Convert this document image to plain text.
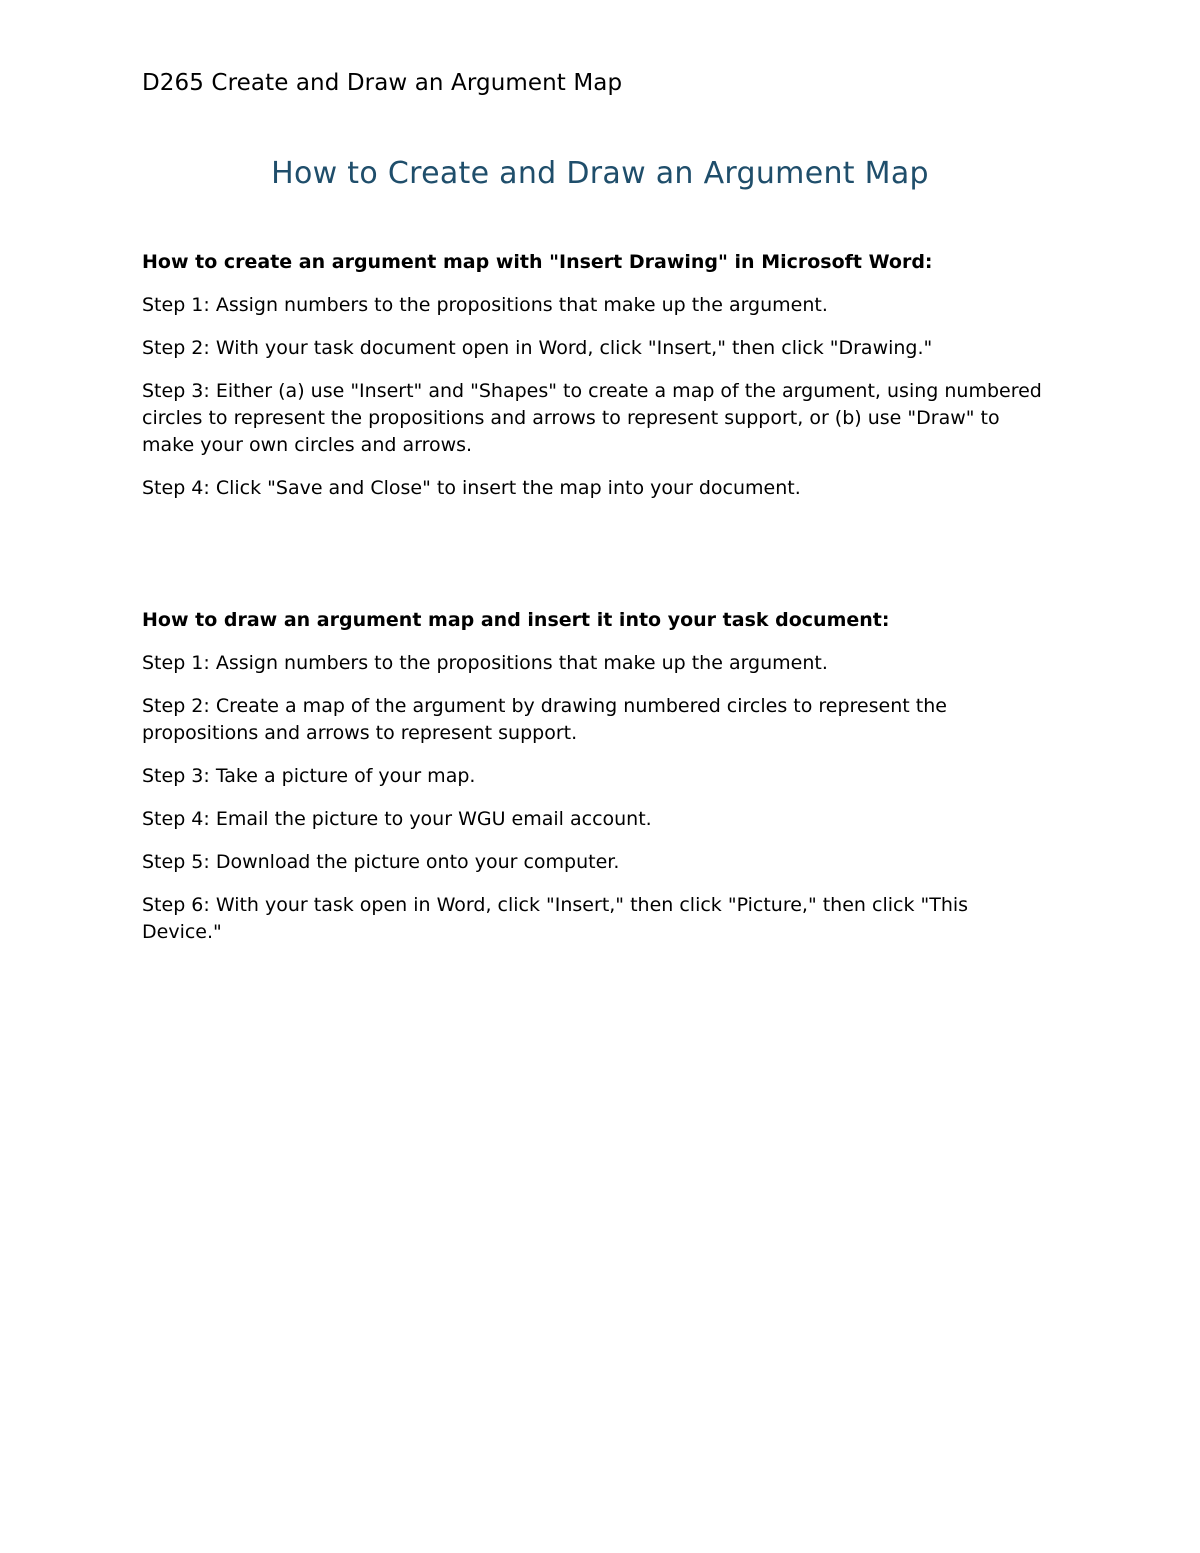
D265 Create and Draw an Argument Map
How to Create and Draw an Argument Map
How to create an argument map with "Insert Drawing" in Microsoft Word:
Step 1: Assign numbers to the propositions that make up the argument.
Step 2: With your task document open in Word, click "Insert," then click "Drawing."
Step 3: Either (a) use "Insert" and "Shapes" to create a map of the argument, using numbered circles to represent the propositions and arrows to represent support, or (b) use "Draw" to make your own circles and arrows.
Step 4: Click "Save and Close" to insert the map into your document.
How to draw an argument map and insert it into your task document:
Step 1: Assign numbers to the propositions that make up the argument.
Step 2: Create a map of the argument by drawing numbered circles to represent the propositions and arrows to represent support.
Step 3: Take a picture of your map.
Step 4: Email the picture to your WGU email account.
Step 5: Download the picture onto your computer.
Step 6: With your task open in Word, click "Insert," then click "Picture," then click "This Device."
